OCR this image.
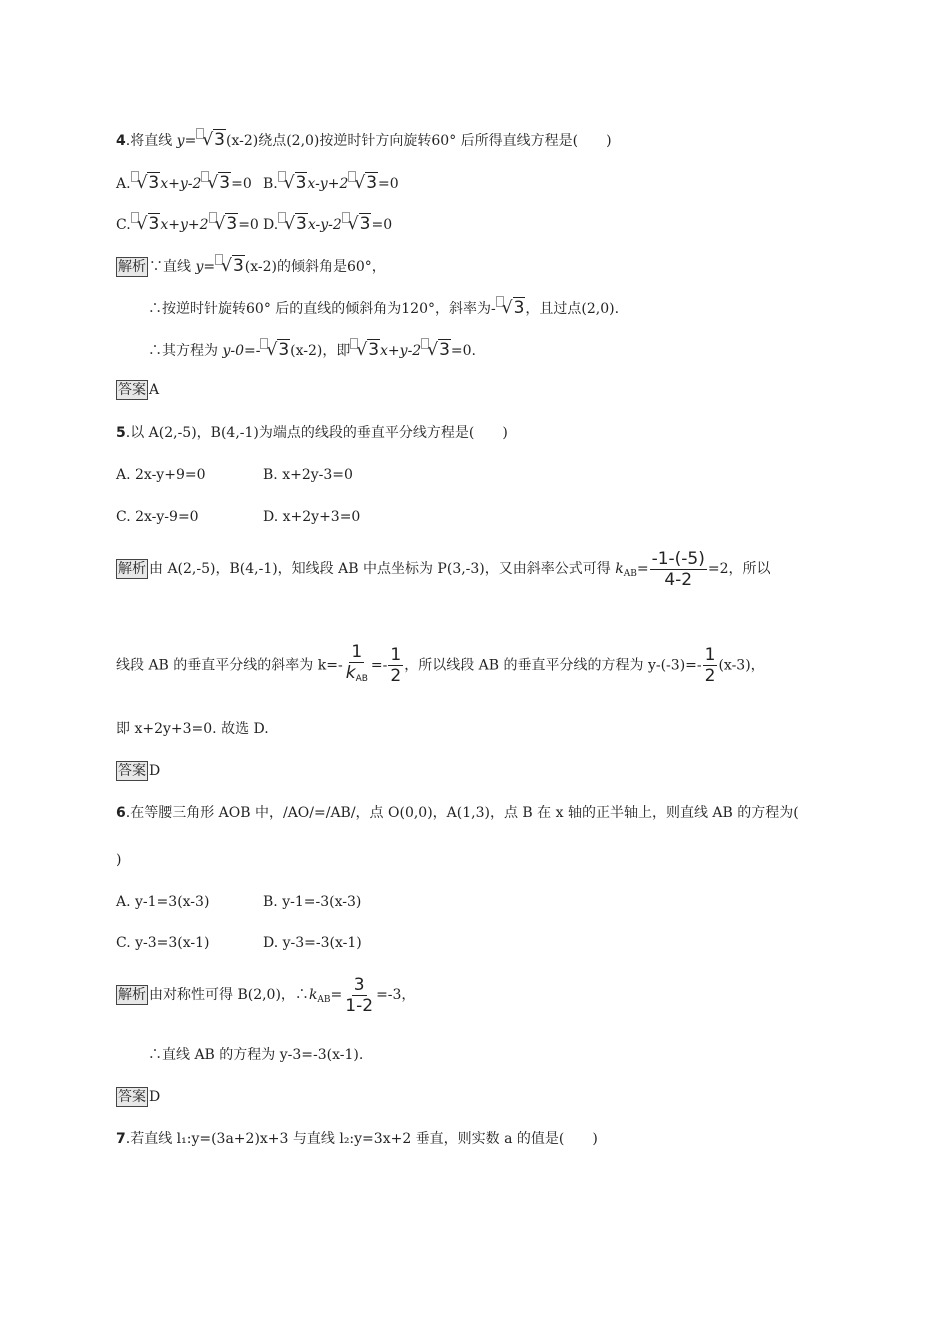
4.将直线 y= √3(x-2)绕点(2,0)按逆时针方向旋转60° 后所得直线方程是(　　)
A. √3x+y-2 √3=0 B. √3x-y+2 √3=0
C. √3x+y+2 √3=0 D. √3x-y-2 √3=0
解析 ∵直线 y= √3(x-2)的倾斜角是60°，
∴按逆时针旋转60° 后的直线的倾斜角为120°，斜率为- √3，且过点(2,0).
∴其方程为 y-0=- √3(x-2)，即 √3x+y-2 √3=0.
答案 A
5.以 A(2,-5)，B(4,-1)为端点的线段的垂直平分线方程是(　　)
A. 2x-y+9=0	B. x+2y-3=0
C. 2x-y-9=0	D. x+2y+3=0
解析 由 A(2,-5)，B(4,-1)，知线段 AB 中点坐标为 P(3,-3)，又由斜率公式可得 $k_{AB}= \frac{-1-(-5)}{4-2} =2$，所以
线段 AB 的垂直平分线的斜率为 $k=- \frac{1}{k_{AB}} =- \frac{1}{2}$ ，所以线段 AB 的垂直平分线的方程为 $y-(-3)=- \frac{1}{2} (x-3)$，
即 x+2y+3=0. 故选 D.
答案 D
6.在等腰三角形 AOB 中，/AO/=/AB/，点 O(0,0)，A(1,3)，点 B 在 x 轴的正半轴上，则直线 AB 的方程为(
)
A. y-1=3(x-3)	B. y-1=-3(x-3)
C. y-3=3(x-1)	D. y-3=-3(x-1)
解析 由对称性可得 B(2,0)，$\therefore k_{AB}= \frac{3}{1-2} =-3$，
∴直线 AB 的方程为 y-3=-3(x-1).
答案 D
7.若直线 l₁:y=(3a+2)x+3 与直线 l₂:y=3x+2 垂直，则实数 a 的值是(　　)
